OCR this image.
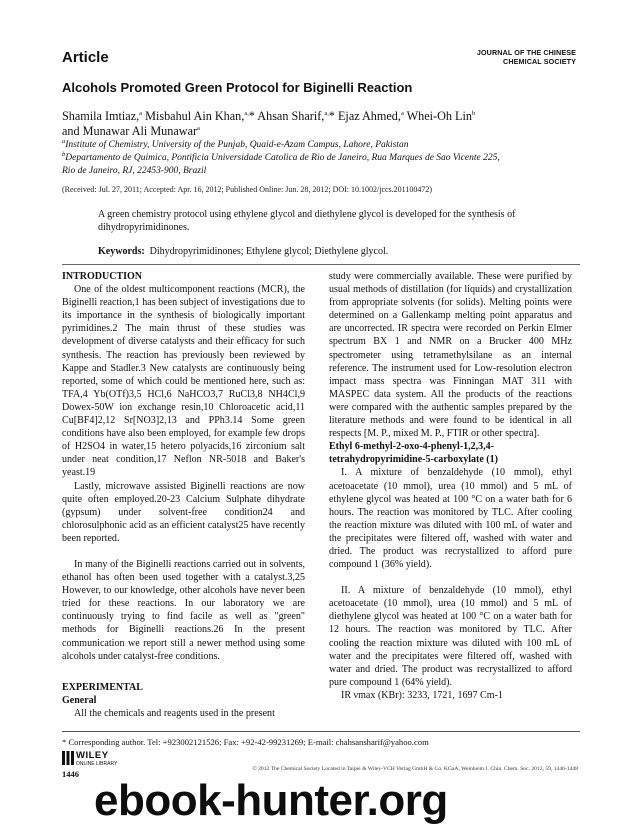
Article	JOURNAL OF THE CHINESE
CHEMICAL SOCIETY
Alcohols Promoted Green Protocol for Biginelli Reaction
Shamila Imtiaz,$^a$ Misbahul Ain Khan,$^{a,}$* Ahsan Sharif,$^{a,}$* Ejaz Ahmed,$^a$ Whei-Oh Lin$^b$
and Munawar Ali Munawar$^a$
$^a$Institute of Chemistry, University of the Punjab, Quaid-e-Azam Campus, Lahore, Pakistan
$^b$Departamento de Quimica, Pontificia Universidade Catolica de Rio de Janeiro, Rua Marques de Sao Vicente 225,
Rio de Janeiro, RJ, 22453-900, Brazil
(Received: Jul. 27, 2011; Accepted: Apr. 16, 2012; Published Online: Jun. 28, 2012; DOI: 10.1002/jccs.201100472)
A green chemistry protocol using ethylene glycol and diethylene glycol is developed for the synthesis of dihydropyrimidinones.
Keywords: Dihydropyrimidinones; Ethylene glycol; Diethylene glycol.

INTRODUCTION

One of the oldest multicomponent reactions (MCR), the Biginelli reaction,1 has been subject of investigations due to its importance in the synthesis of biologically important pyrimidines.2 The main thrust of these studies was development of diverse catalysts and their efficacy for such synthesis. The reaction has previously been reviewed by Kappe and Stadler.3 New catalysts are continuously being reported, some of which could be mentioned here, such as: TFA,4 Yb(OTf)3,5 HCl,6 NaHCO3,7 RuCl3,8 NH4Cl,9 Dowex-50W ion exchange resin,10 Chloroacetic acid,11 Cu[BF4]2,12 Sr[NO3]2,13 and PPh3.14 Some green conditions have also been employed, for example few drops of H2SO4 in water,15 hetero polyacids,16 zirconium salt under neat condition,17 Neflon NR-5018 and Baker's yeast.19

Lastly, microwave assisted Biginelli reactions are now quite often employed.20-23 Calcium Sulphate dihydrate (gypsum) under solvent-free condition24 and chlorosulphonic acid as an efficient catalyst25 have recently been reported.

In many of the Biginelli reactions carried out in solvents, ethanol has often been used together with a catalyst.3,25 However, to our knowledge, other alcohols have never been tried for these reactions. In our laboratory we are continuously trying to find facile as well as "green" methods for Biginelli reactions.26 In the present communication we report still a newer method using some alcohols under catalyst-free conditions.

EXPERIMENTAL

General

All the chemicals and reagents used in the present

study were commercially available. These were purified by usual methods of distillation (for liquids) and crystallization from appropriate solvents (for solids). Melting points were determined on a Gallenkamp melting point apparatus and are uncorrected. IR spectra were recorded on Perkin Elmer spectrum BX 1 and NMR on a Brucker 400 MHz spectrometer using tetramethylsilane as an internal reference. The instrument used for Low-resolution electron impact mass spectra was Finningan MAT 311 with MASPEC data system. All the products of the reactions were compared with the authentic samples prepared by the literature methods and were found to be identical in all respects [M. P., mixed M. P., FTIR or other spectra].

Ethyl 6-methyl-2-oxo-4-phenyl-1,2,3,4-tetrahydropyrimidine-5-carboxylate (1)

I. A mixture of benzaldehyde (10 mmol), ethyl acetoacetate (10 mmol), urea (10 mmol) and 5 mL of ethylene glycol was heated at 100 °C on a water bath for 6 hours. The reaction was monitored by TLC. After cooling the reaction mixture was diluted with 100 mL of water and the precipitates were filtered off, washed with water and dried. The product was recrystallized to afford pure compound 1 (36% yield).

II. A mixture of benzaldehyde (10 mmol), ethyl acetoacetate (10 mmol), urea (10 mmol) and 5 mL of diethylene glycol was heated at 100 °C on a water bath for 12 hours. The reaction was monitored by TLC. After cooling the reaction mixture was diluted with 100 mL of water and the precipitates were filtered off, washed with water and dried. The product was recrystallized to afford pure compound 1 (64% yield).

IR νmax (KBr): 3233, 1721, 1697 Cm-1

* Corresponding author. Tel: +923002121526; Fax: +92-42-99231269; E-mail: chahsansharif@yahoo.com
WILEY
ONLINE LIBRARY
1446	© 2012 The Chemical Society Located in Taipei & Wiley-VCH Verlag GmbH & Co. KGaA, Weinheim J. Chin. Chem. Soc. 2012, 59, 1446-1448
ebook-hunter.org
